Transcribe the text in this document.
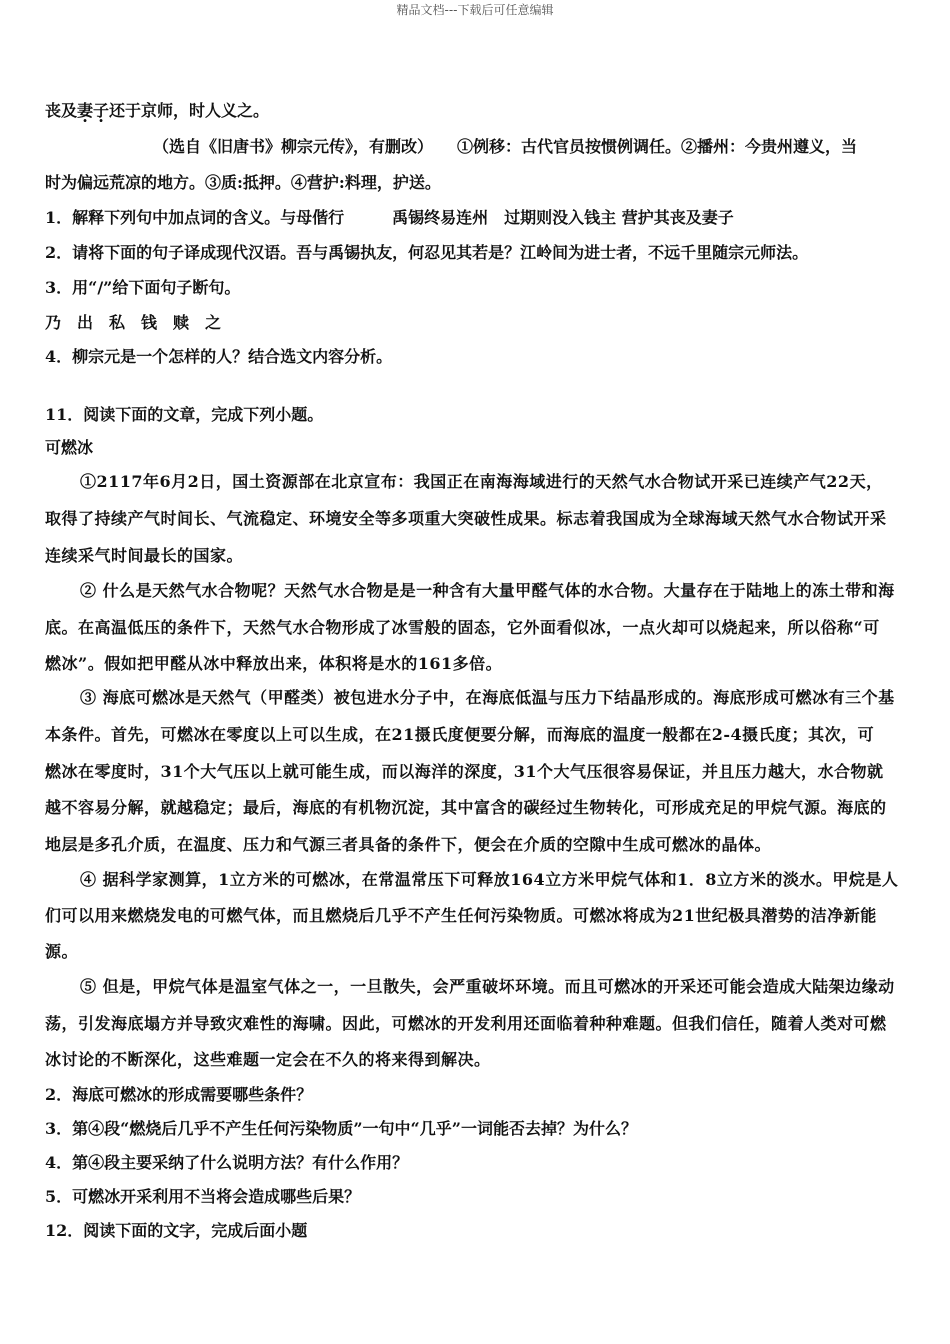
精品文档---下载后可任意编辑
丧及妻子还于京师，时人义之。
（选自《旧唐书》柳宗元传》，有删改）　　①例移：古代官员按惯例调任。②播州：今贵州遵义，当
时为偏远荒凉的地方。③质:抵押。④营护:料理，护送。
1．解释下列句中加点词的含义。与母偕行　　　禹锡终易连州　过期则没入钱主 营护其丧及妻子
2．请将下面的句子译成现代汉语。吾与禹锡执友，何忍见其若是？江岭间为进士者，不远千里随宗元师法。
3．用“/”给下面句子断句。
乃　出　私　钱　赎　之
4．柳宗元是一个怎样的人？结合选文内容分析。
11．阅读下面的文章，完成下列小题。
可燃冰
①2117年6月2日，国土资源部在北京宣布：我国正在南海海域进行的天然气水合物试开采已连续产气22天，
取得了持续产气时间长、气流稳定、环境安全等多项重大突破性成果。标志着我国成为全球海域天然气水合物试开采
连续采气时间最长的国家。
② 什么是天然气水合物呢？天然气水合物是是一种含有大量甲醛气体的水合物。大量存在于陆地上的冻土带和海
底。在高温低压的条件下，天然气水合物形成了冰雪般的固态，它外面看似冰，一点火却可以烧起来，所以俗称“可
燃冰”。假如把甲醛从冰中释放出来，体积将是水的161多倍。
③ 海底可燃冰是天然气（甲醛类）被包进水分子中，在海底低温与压力下结晶形成的。海底形成可燃冰有三个基
本条件。首先，可燃冰在零度以上可以生成，在21摄氏度便要分解，而海底的温度一般都在2-4摄氏度；其次，可
燃冰在零度时，31个大气压以上就可能生成，而以海洋的深度，31个大气压很容易保证，并且压力越大，水合物就
越不容易分解，就越稳定；最后，海底的有机物沉淀，其中富含的碳经过生物转化，可形成充足的甲烷气源。海底的
地层是多孔介质，在温度、压力和气源三者具备的条件下，便会在介质的空隙中生成可燃冰的晶体。
④ 据科学家测算，1立方米的可燃冰，在常温常压下可释放164立方米甲烷气体和1．8立方米的淡水。甲烷是人
们可以用来燃烧发电的可燃气体，而且燃烧后几乎不产生任何污染物质。可燃冰将成为21世纪极具潜势的洁净新能
源。
⑤ 但是，甲烷气体是温室气体之一，一旦散失，会严重破坏环境。而且可燃冰的开采还可能会造成大陆架边缘动
荡，引发海底塌方并导致灾难性的海啸。因此，可燃冰的开发利用还面临着种种难题。但我们信任，随着人类对可燃
冰讨论的不断深化，这些难题一定会在不久的将来得到解决。
2．海底可燃冰的形成需要哪些条件？
3．第④段“燃烧后几乎不产生任何污染物质”一句中“几乎”一词能否去掉？为什么？
4．第④段主要采纳了什么说明方法？有什么作用？
5．可燃冰开采利用不当将会造成哪些后果？
12．阅读下面的文字，完成后面小题
